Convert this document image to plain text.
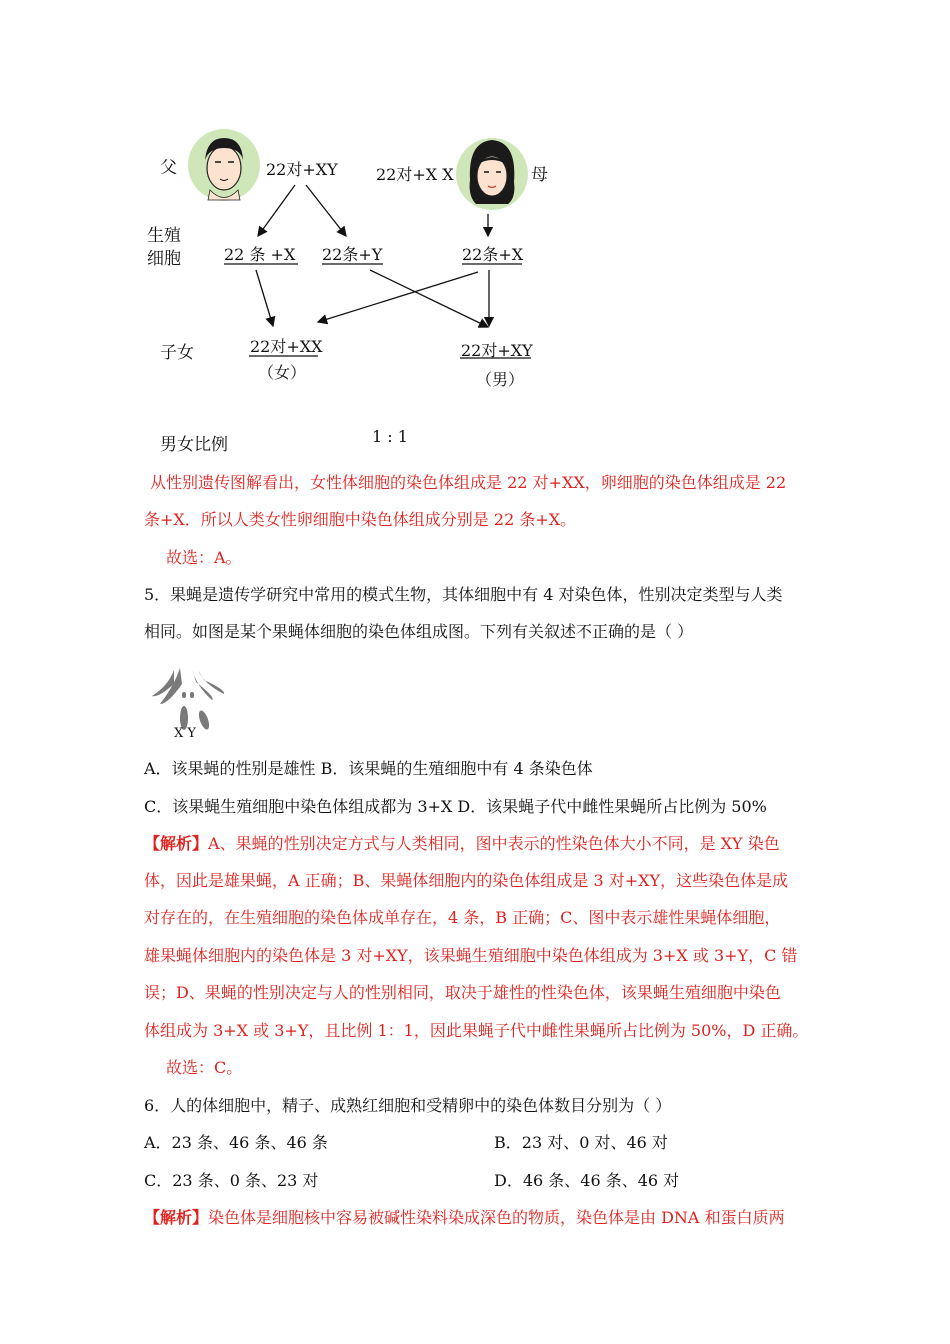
父	22对+XY 22对+X X	母
生殖
细胞	22 条 +X 22条+Y	22条+X
子女	22对+XX
（女）
22对+XY
（男）
男女比例	1 : 1
从性别遗传图解看出，女性体细胞的染色体组成是 22 对+XX，卵细胞的染色体组成是 22
条+X．所以人类女性卵细胞中染色体组成分别是 22 条+X。
故选：A。
5．果蝇是遗传学研究中常用的模式生物，其体细胞中有 4 对染色体，性别决定类型与人类
相同。如图是某个果蝇体细胞的染色体组成图。下列有关叙述不正确的是（ ）
X Y
A．该果蝇的性别是雄性 B．该果蝇的生殖细胞中有 4 条染色体
C．该果蝇生殖细胞中染色体组成都为 3+X D．该果蝇子代中雌性果蝇所占比例为 50%
【解析】A、果蝇的性别决定方式与人类相同，图中表示的性染色体大小不同，是 XY 染色
体，因此是雄果蝇，A 正确；B、果蝇体细胞内的染色体组成是 3 对+XY，这些染色体是成
对存在的，在生殖细胞的染色体成单存在，4 条，B 正确；C、图中表示雄性果蝇体细胞，
雄果蝇体细胞内的染色体是 3 对+XY，该果蝇生殖细胞中染色体组成为 3+X 或 3+Y，C 错
误；D、果蝇的性别决定与人的性别相同，取决于雄性的性染色体，该果蝇生殖细胞中染色
体组成为 3+X 或 3+Y，且比例 1：1，因此果蝇子代中雌性果蝇所占比例为 50%，D 正确。
故选：C。
6．人的体细胞中，精子、成熟红细胞和受精卵中的染色体数目分别为（ ）
A．23 条、46 条、46 条	B．23 对、0 对、46 对
C．23 条、0 条、23 对	D．46 条、46 条、46 对
【解析】染色体是细胞核中容易被碱性染料染成深色的物质，染色体是由 DNA 和蛋白质两
